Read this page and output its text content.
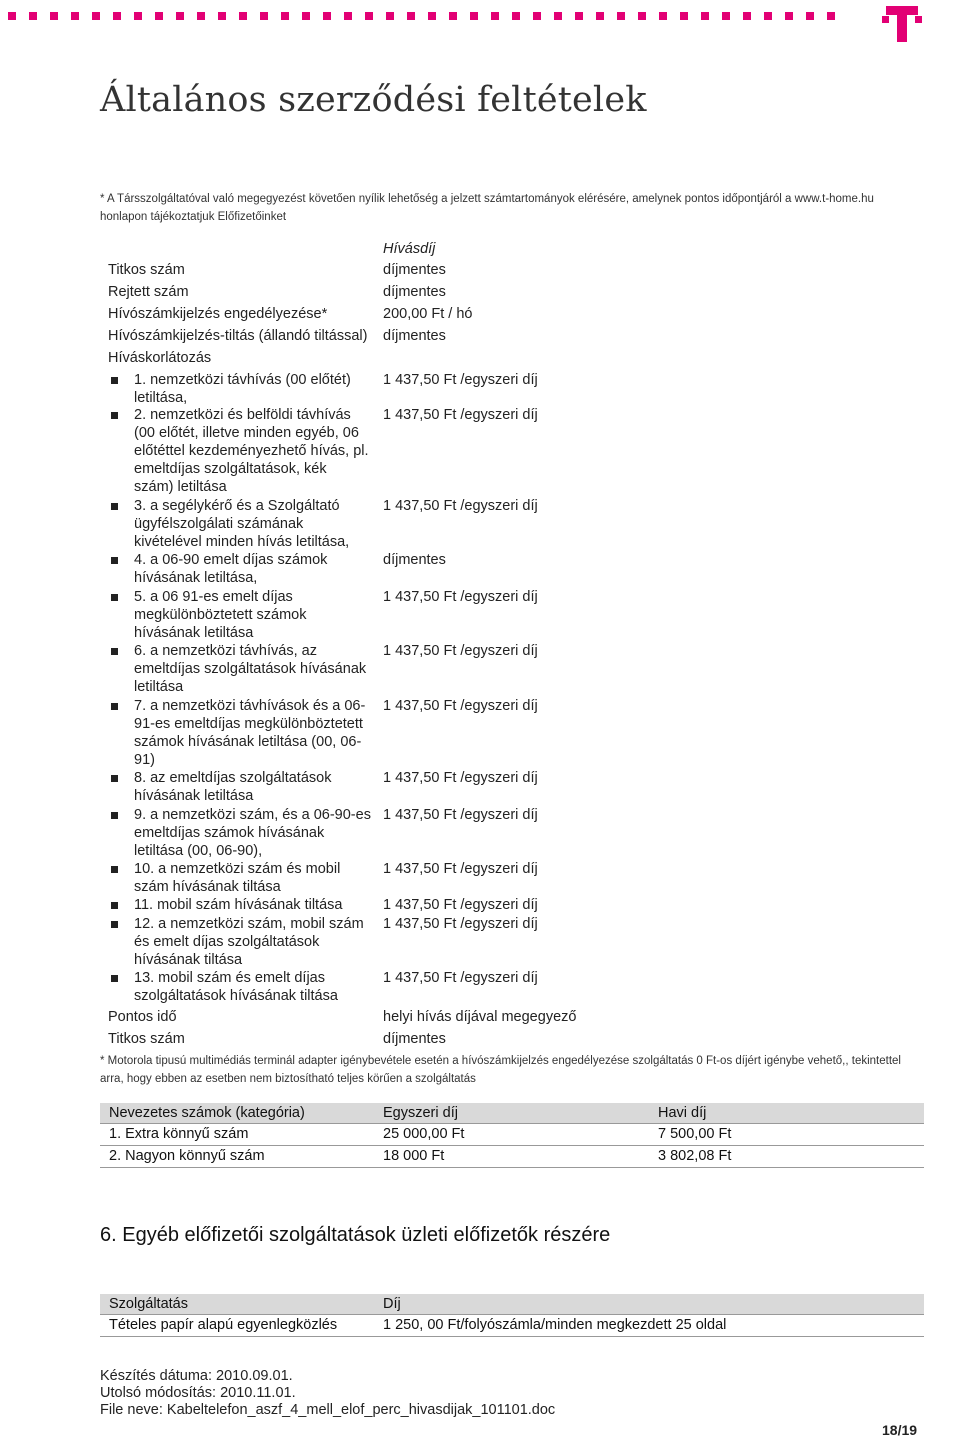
Általános szerződési feltételek
* A Társszolgáltatóval való megegyezést követően nyílik lehetőség a jelzett számtartományok elérésére, amelynek pontos időpontjáról a www.t-home.hu
honlapon tájékoztatjuk Előfizetőinket
Hívásdíj
Titkos szám	díjmentes
Rejtett szám	díjmentes
Hívószámkijelzés engedélyezése*	200,00 Ft / hó
Hívószámkijelzés-tiltás (állandó tiltással) díjmentes
Híváskorlátozás
1. nemzetközi távhívás (00 előtét)
letiltása,
1 437,50 Ft /egyszeri díj
2. nemzetközi és belföldi távhívás
(00 előtét, illetve minden egyéb, 06
előtéttel kezdeményezhető hívás, pl.
emeltdíjas szolgáltatások, kék
szám) letiltása
1 437,50 Ft /egyszeri díj
3. a segélykérő és a Szolgáltató
ügyfélszolgálati számának
kivételével minden hívás letiltása,
1 437,50 Ft /egyszeri díj
4. a 06-90 emelt díjas számok
hívásának letiltása,
díjmentes
5. a 06 91-es emelt díjas
megkülönböztetett számok
hívásának letiltása
1 437,50 Ft /egyszeri díj
6. a nemzetközi távhívás, az
emeltdíjas szolgáltatások hívásának
letiltása
1 437,50 Ft /egyszeri díj
7. a nemzetközi távhívások és a 06-
91-es emeltdíjas megkülönböztetett
számok hívásának letiltása (00, 06-
91)
1 437,50 Ft /egyszeri díj
8. az emeltdíjas szolgáltatások
hívásának letiltása
1 437,50 Ft /egyszeri díj
9. a nemzetközi szám, és a 06-90-es
emeltdíjas számok hívásának
letiltása (00, 06-90),
1 437,50 Ft /egyszeri díj
10. a nemzetközi szám és mobil
szám hívásának tiltása
1 437,50 Ft /egyszeri díj
11. mobil szám hívásának tiltása	1 437,50 Ft /egyszeri díj
12. a nemzetközi szám, mobil szám
és emelt díjas szolgáltatások
hívásának tiltása
1 437,50 Ft /egyszeri díj
13. mobil szám és emelt díjas
szolgáltatások hívásának tiltása
1 437,50 Ft /egyszeri díj
Pontos idő	helyi hívás díjával megegyező
Titkos szám	díjmentes
* Motorola tipusú multimédiás terminál adapter igénybevétele esetén a hívószámkijelzés engedélyezése szolgáltatás 0 Ft-os díjért igénybe vehető,, tekintettel
arra, hogy ebben az esetben nem biztosítható teljes körűen a szolgáltatás
Nevezetes számok (kategória)	Egyszeri díj	Havi díj
1. Extra könnyű szám	25 000,00 Ft	7 500,00 Ft
2. Nagyon könnyű szám	18 000 Ft	3 802,08 Ft
6. Egyéb előfizetői szolgáltatások üzleti előfizetők részére
Szolgáltatás	Díj
Tételes papír alapú egyenlegközlés	1 250, 00 Ft/folyószámla/minden megkezdett 25 oldal
Készítés dátuma: 2010.09.01.
Utolsó módosítás: 2010.11.01.
File neve: Kabeltelefon_aszf_4_mell_elof_perc_hivasdijak_101101.doc
18/19
